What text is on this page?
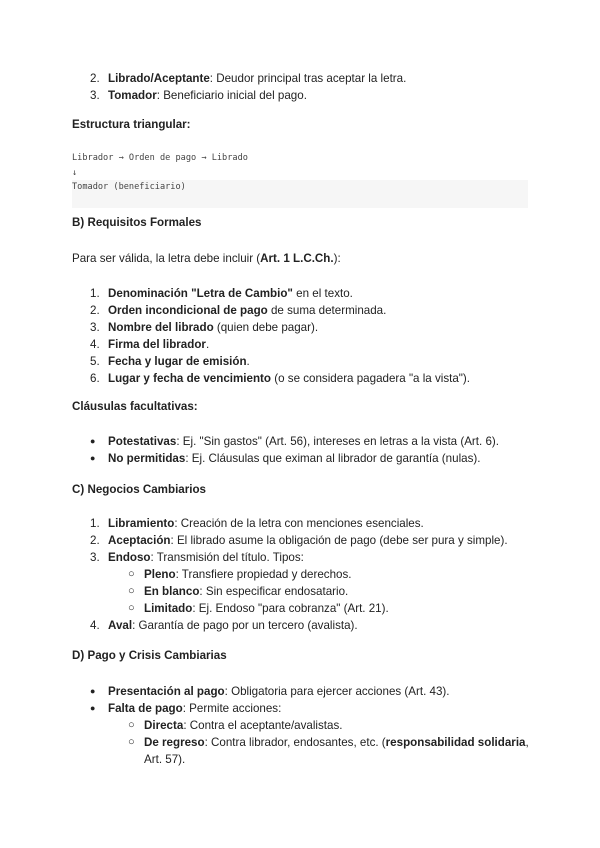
2. Librado/Aceptante: Deudor principal tras aceptar la letra.
3. Tomador: Beneficiario inicial del pago.
Estructura triangular:
Librador → Orden de pago → Librado
↓
Tomador (beneficiario)
B) Requisitos Formales
Para ser válida, la letra debe incluir (Art. 1 L.C.Ch.):
1. Denominación "Letra de Cambio" en el texto.
2. Orden incondicional de pago de suma determinada.
3. Nombre del librado (quien debe pagar).
4. Firma del librador.
5. Fecha y lugar de emisión.
6. Lugar y fecha de vencimiento (o se considera pagadera "a la vista").
Cláusulas facultativas:
● Potestativas: Ej. "Sin gastos" (Art. 56), intereses en letras a la vista (Art. 6).
● No permitidas: Ej. Cláusulas que eximan al librador de garantía (nulas).
C) Negocios Cambiarios
1. Libramiento: Creación de la letra con menciones esenciales.
2. Aceptación: El librado asume la obligación de pago (debe ser pura y simple).
3. Endoso: Transmisión del título. Tipos:
○ Pleno: Transfiere propiedad y derechos.
○ En blanco: Sin especificar endosatario.
○ Limitado: Ej. Endoso "para cobranza" (Art. 21).
4. Aval: Garantía de pago por un tercero (avalista).
D) Pago y Crisis Cambiarias
● Presentación al pago: Obligatoria para ejercer acciones (Art. 43).
● Falta de pago: Permite acciones:
○ Directa: Contra el aceptante/avalistas.
○ De regreso: Contra librador, endosantes, etc. (responsabilidad solidaria, Art. 57).
